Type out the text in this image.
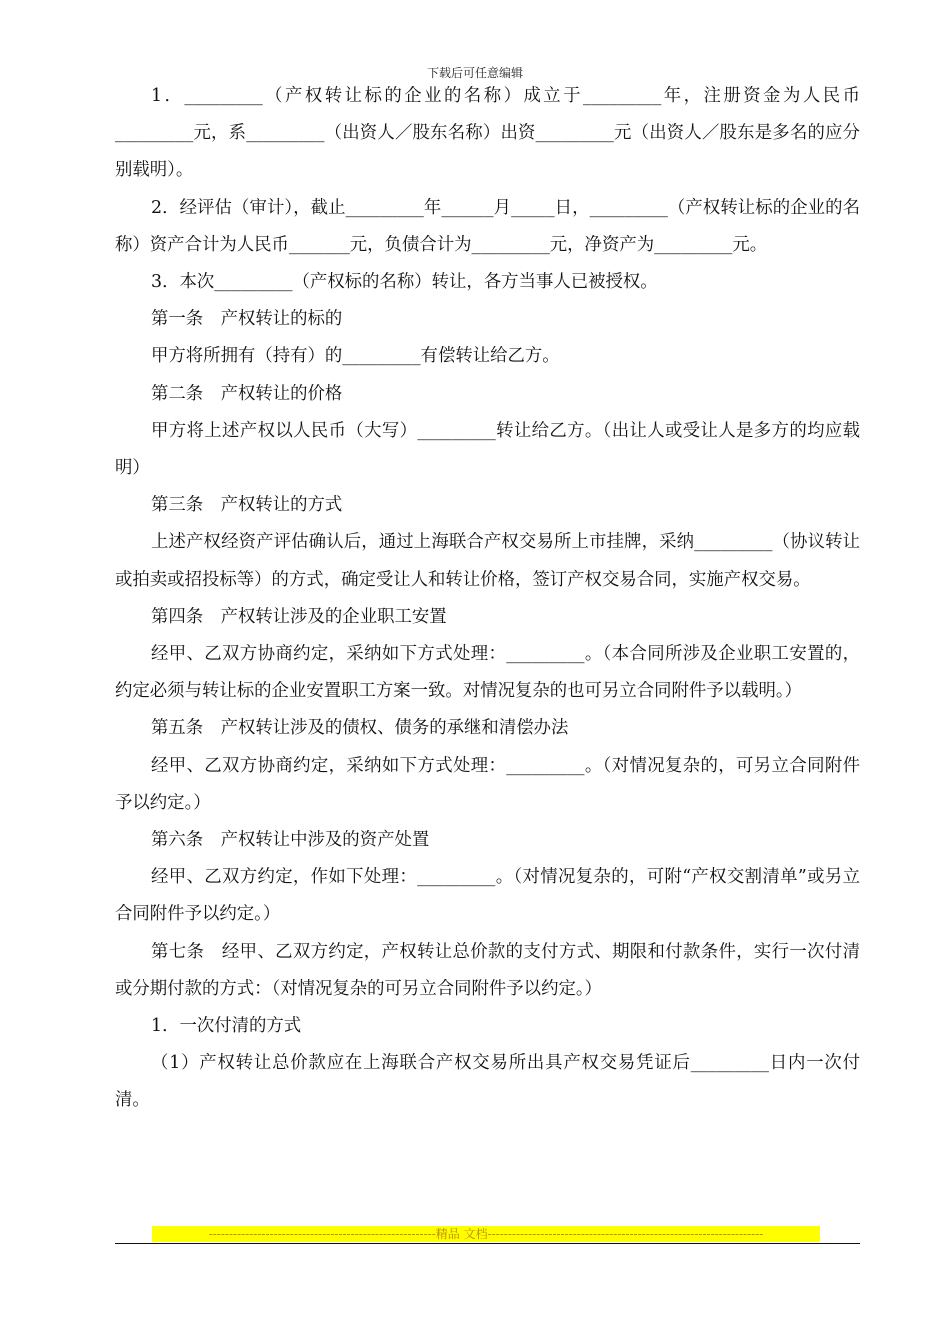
下载后可任意编辑

1．_________（产权转让标的企业的名称）成立于_________年，注册资金为人民币_________元，系_________（出资人／股东名称）出资_________元（出资人／股东是多名的应分别载明）。

2．经评估（审计），截止_________年______月_____日，_________（产权转让标的企业的名称）资产合计为人民币_______元，负债合计为_________元，净资产为_________元。

3．本次_________（产权标的名称）转让，各方当事人已被授权。

第一条　产权转让的标的

甲方将所拥有（持有）的_________有偿转让给乙方。

第二条　产权转让的价格

甲方将上述产权以人民币（大写）_________转让给乙方。（出让人或受让人是多方的均应载明）

第三条　产权转让的方式

上述产权经资产评估确认后，通过上海联合产权交易所上市挂牌，采纳_________（协议转让或拍卖或招投标等）的方式，确定受让人和转让价格，签订产权交易合同，实施产权交易。

第四条　产权转让涉及的企业职工安置

经甲、乙双方协商约定，采纳如下方式处理：_________。（本合同所涉及企业职工安置的，约定必须与转让标的企业安置职工方案一致。对情况复杂的也可另立合同附件予以载明。）

第五条　产权转让涉及的债权、债务的承继和清偿办法

经甲、乙双方协商约定，采纳如下方式处理：_________。（对情况复杂的，可另立合同附件予以约定。）

第六条　产权转让中涉及的资产处置

经甲、乙双方约定，作如下处理：_________。（对情况复杂的，可附“产权交割清单”或另立合同附件予以约定。）

第七条　经甲、乙双方约定，产权转让总价款的支付方式、期限和付款条件，实行一次付清或分期付款的方式：（对情况复杂的可另立合同附件予以约定。）

1．一次付清的方式

（1）产权转让总价款应在上海联合产权交易所出具产权交易凭证后_________日内一次付清。

--------------------------------------------------------精品 文档--------------------------------------------------------------------
